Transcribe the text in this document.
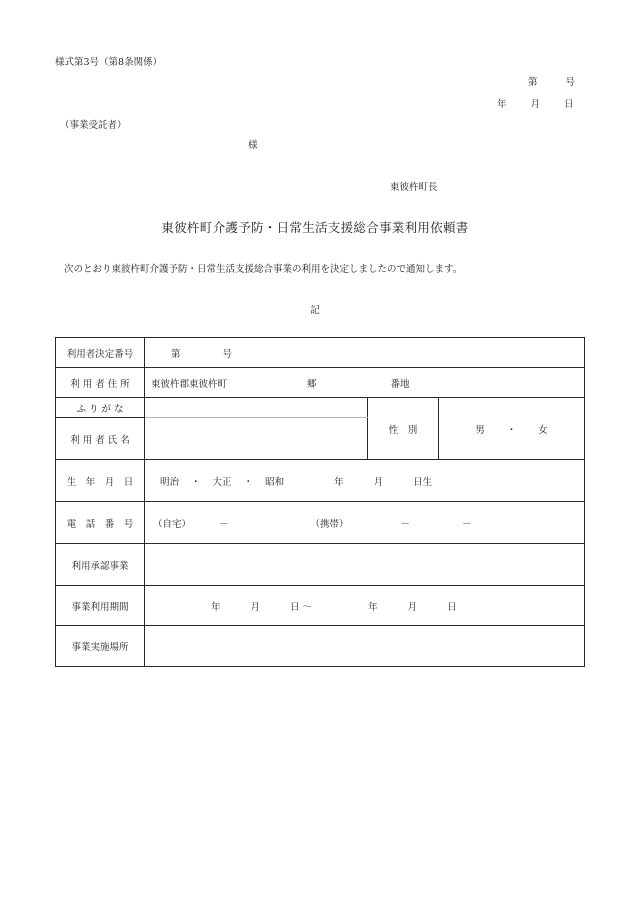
様式第3号（第8条関係）
第	号
年	月	日
（事業受託者）
様
東彼杵町長
東彼杵町介護予防・日常生活支援総合事業利用依頼書
次のとおり東彼杵町介護予防・日常生活支援総合事業の利用を決定しましたので通知します。
記
利用者決定番号	第 号		
利 用 者 住 所	東彼杵郡東彼杵町 郷 番地		
ふ り が な		性　別	男 ・ 女
利 用 者 氏 名			
生　年　月　日	明治 ・ 大正 ・ 昭和 年 月 日生		
電　話　番　号	（自宅） － （携帯） － －		
利用承認事業			
事業利用期間	年 月 日 〜 年 月 日		
事業実施場所			
